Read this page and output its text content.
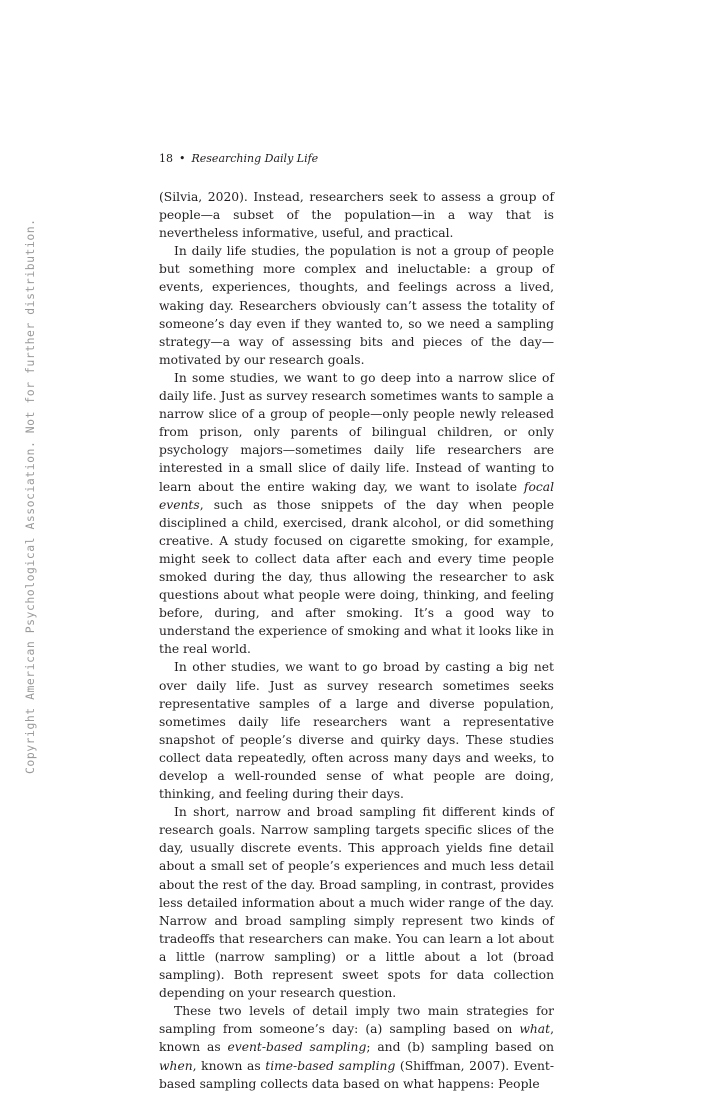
Copyright American Psychological Association. Not for further distribution.
18 • Researching Daily Life

(Silvia, 2020). Instead, researchers seek to assess a group of people—a subset of the population—in a way that is nevertheless informative, useful, and practical.

In daily life studies, the population is not a group of people but something more complex and ineluctable: a group of events, experiences, thoughts, and feelings across a lived, waking day. Researchers obviously can’t assess the totality of someone’s day even if they wanted to, so we need a sampling strategy—a way of assessing bits and pieces of the day—motivated by our research goals.

In some studies, we want to go deep into a narrow slice of daily life. Just as survey research sometimes wants to sample a narrow slice of a group of people—only people newly released from prison, only parents of bilingual children, or only psychology majors—sometimes daily life researchers are interested in a small slice of daily life. Instead of wanting to learn about the entire waking day, we want to isolate focal events, such as those snippets of the day when people disciplined a child, exercised, drank alcohol, or did something creative. A study focused on cigarette smoking, for example, might seek to collect data after each and every time people smoked during the day, thus allowing the researcher to ask questions about what people were doing, thinking, and feeling before, during, and after smoking. It’s a good way to understand the experience of smoking and what it looks like in the real world.

In other studies, we want to go broad by casting a big net over daily life. Just as survey research sometimes seeks representative samples of a large and diverse population, sometimes daily life researchers want a representative snapshot of people’s diverse and quirky days. These studies collect data repeatedly, often across many days and weeks, to develop a well-rounded sense of what people are doing, thinking, and feeling during their days.

In short, narrow and broad sampling fit different kinds of research goals. Narrow sampling targets specific slices of the day, usually discrete events. This approach yields fine detail about a small set of people’s experiences and much less detail about the rest of the day. Broad sampling, in contrast, provides less detailed information about a much wider range of the day. Narrow and broad sampling simply represent two kinds of tradeoffs that researchers can make. You can learn a lot about a little (narrow sampling) or a little about a lot (broad sampling). Both represent sweet spots for data collection depending on your research question.

These two levels of detail imply two main strategies for sampling from someone’s day: (a) sampling based on what, known as event-based sampling; and (b) sampling based on when, known as time-based sampling (Shiffman, 2007). Event-based sampling collects data based on what happens: People
